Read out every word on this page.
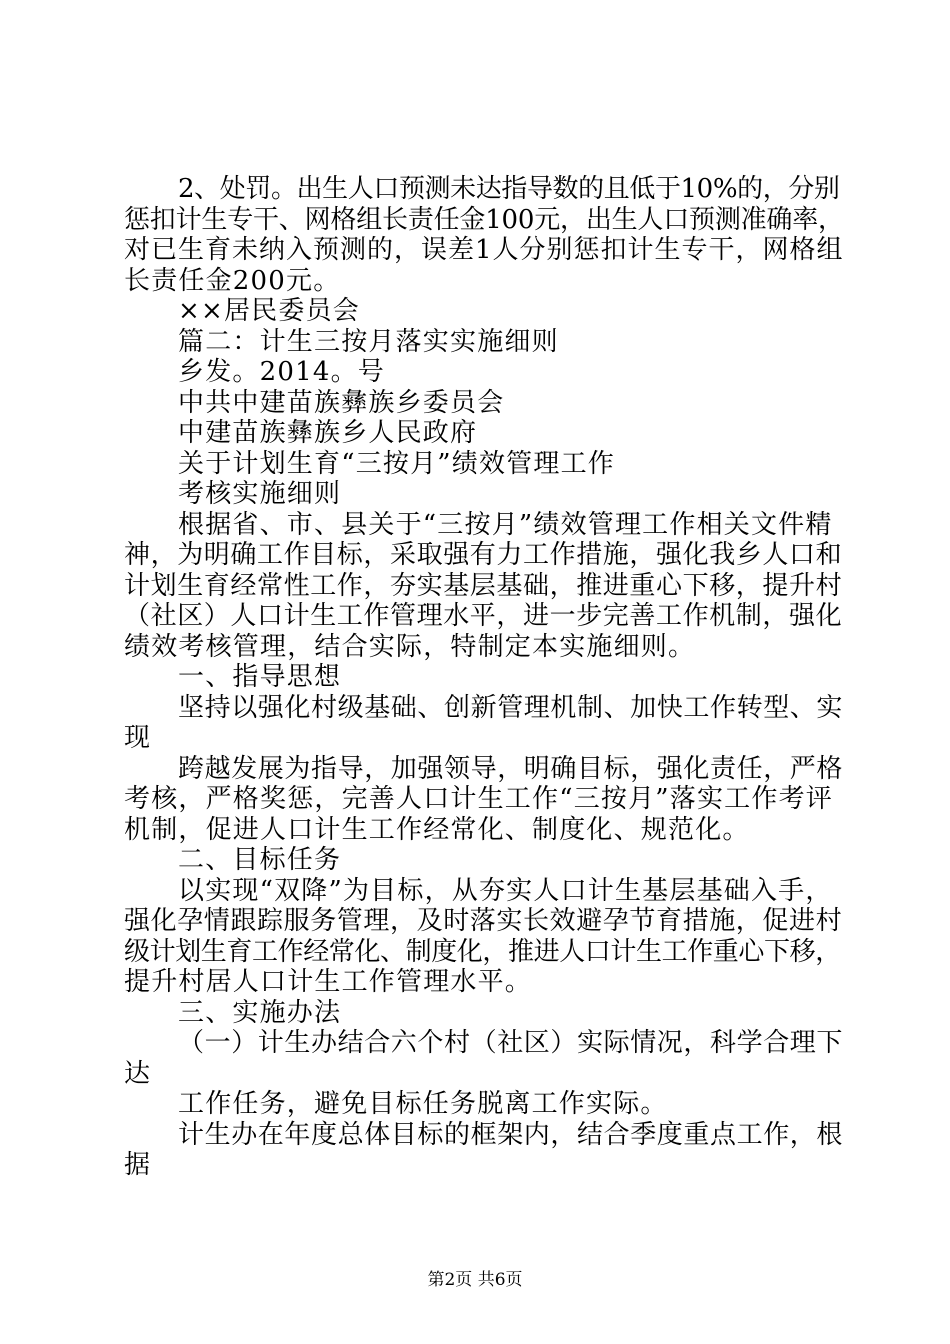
2、处罚。出生人口预测未达指导数的且低于10%的，分别
惩扣计生专干、网格组长责任金100元，出生人口预测准确率，
对已生育未纳入预测的，误差1人分别惩扣计生专干，网格组
长责任金200元。
××居民委员会
篇二：计生三按月落实实施细则
乡发。2014。号
中共中建苗族彝族乡委员会
中建苗族彝族乡人民政府
关于计划生育“三按月”绩效管理工作
考核实施细则
根据省、市、县关于“三按月”绩效管理工作相关文件精
神，为明确工作目标，采取强有力工作措施，强化我乡人口和
计划生育经常性工作，夯实基层基础，推进重心下移，提升村
（社区）人口计生工作管理水平，进一步完善工作机制，强化
绩效考核管理，结合实际，特制定本实施细则。
一、指导思想
坚持以强化村级基础、创新管理机制、加快工作转型、实
现
跨越发展为指导，加强领导，明确目标，强化责任，严格
考核，严格奖惩，完善人口计生工作“三按月”落实工作考评
机制，促进人口计生工作经常化、制度化、规范化。
二、目标任务
以实现“双降”为目标，从夯实人口计生基层基础入手，
强化孕情跟踪服务管理，及时落实长效避孕节育措施，促进村
级计划生育工作经常化、制度化，推进人口计生工作重心下移，
提升村居人口计生工作管理水平。
三、实施办法
（一）计生办结合六个村（社区）实际情况，科学合理下
达
工作任务，避免目标任务脱离工作实际。
计生办在年度总体目标的框架内，结合季度重点工作，根
据
第2页 共6页
